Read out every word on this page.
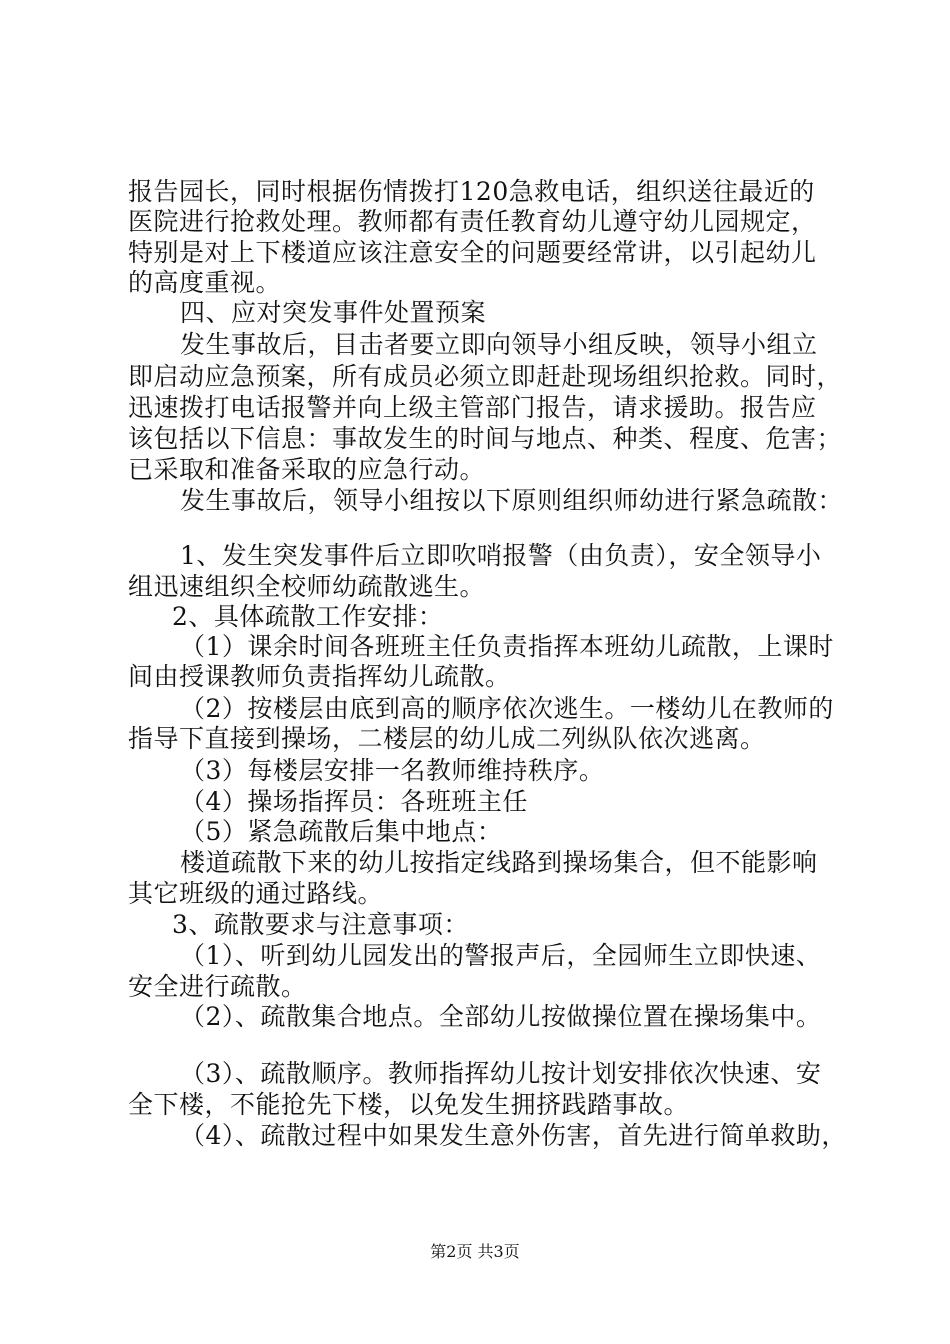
报告园长，同时根据伤情拨打120急救电话，组织送往最近的
医院进行抢救处理。教师都有责任教育幼儿遵守幼儿园规定，
特别是对上下楼道应该注意安全的问题要经常讲，以引起幼儿
的高度重视。
四、应对突发事件处置预案
发生事故后，目击者要立即向领导小组反映，领导小组立
即启动应急预案，所有成员必须立即赶赴现场组织抢救。同时，
迅速拨打电话报警并向上级主管部门报告，请求援助。报告应
该包括以下信息：事故发生的时间与地点、种类、程度、危害；
已采取和准备采取的应急行动。
发生事故后，领导小组按以下原则组织师幼进行紧急疏散：
1、发生突发事件后立即吹哨报警（由负责），安全领导小
组迅速组织全校师幼疏散逃生。
2、具体疏散工作安排：
（1）课余时间各班班主任负责指挥本班幼儿疏散，上课时
间由授课教师负责指挥幼儿疏散。
（2）按楼层由底到高的顺序依次逃生。一楼幼儿在教师的
指导下直接到操场，二楼层的幼儿成二列纵队依次逃离。
（3）每楼层安排一名教师维持秩序。
（4）操场指挥员：各班班主任
（5）紧急疏散后集中地点：
楼道疏散下来的幼儿按指定线路到操场集合，但不能影响
其它班级的通过路线。
3、疏散要求与注意事项：
（1）、听到幼儿园发出的警报声后，全园师生立即快速、
安全进行疏散。
（2）、疏散集合地点。全部幼儿按做操位置在操场集中。
（3）、疏散顺序。教师指挥幼儿按计划安排依次快速、安
全下楼，不能抢先下楼，以免发生拥挤践踏事故。
（4）、疏散过程中如果发生意外伤害，首先进行简单救助，
第2页 共3页
